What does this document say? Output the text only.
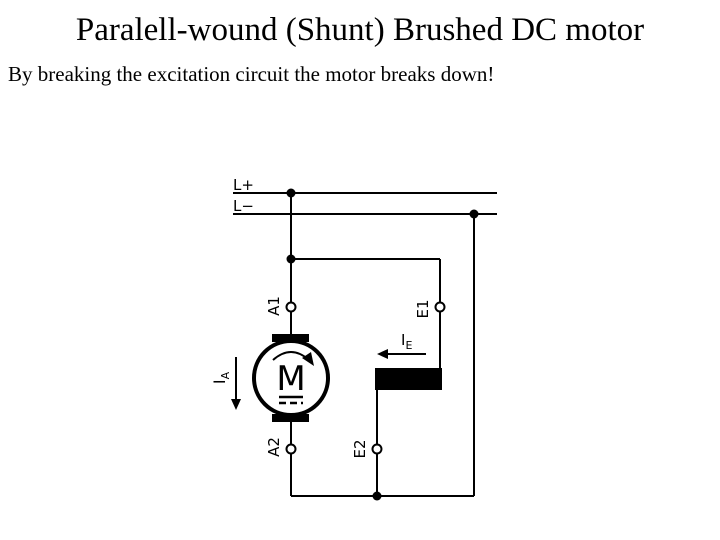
Paralell-wound (Shunt) Brushed DC motor
By breaking the excitation circuit the motor breaks down!
L+
L−
M
A1
A2
E1
E2
$I_A$
$I_E$
